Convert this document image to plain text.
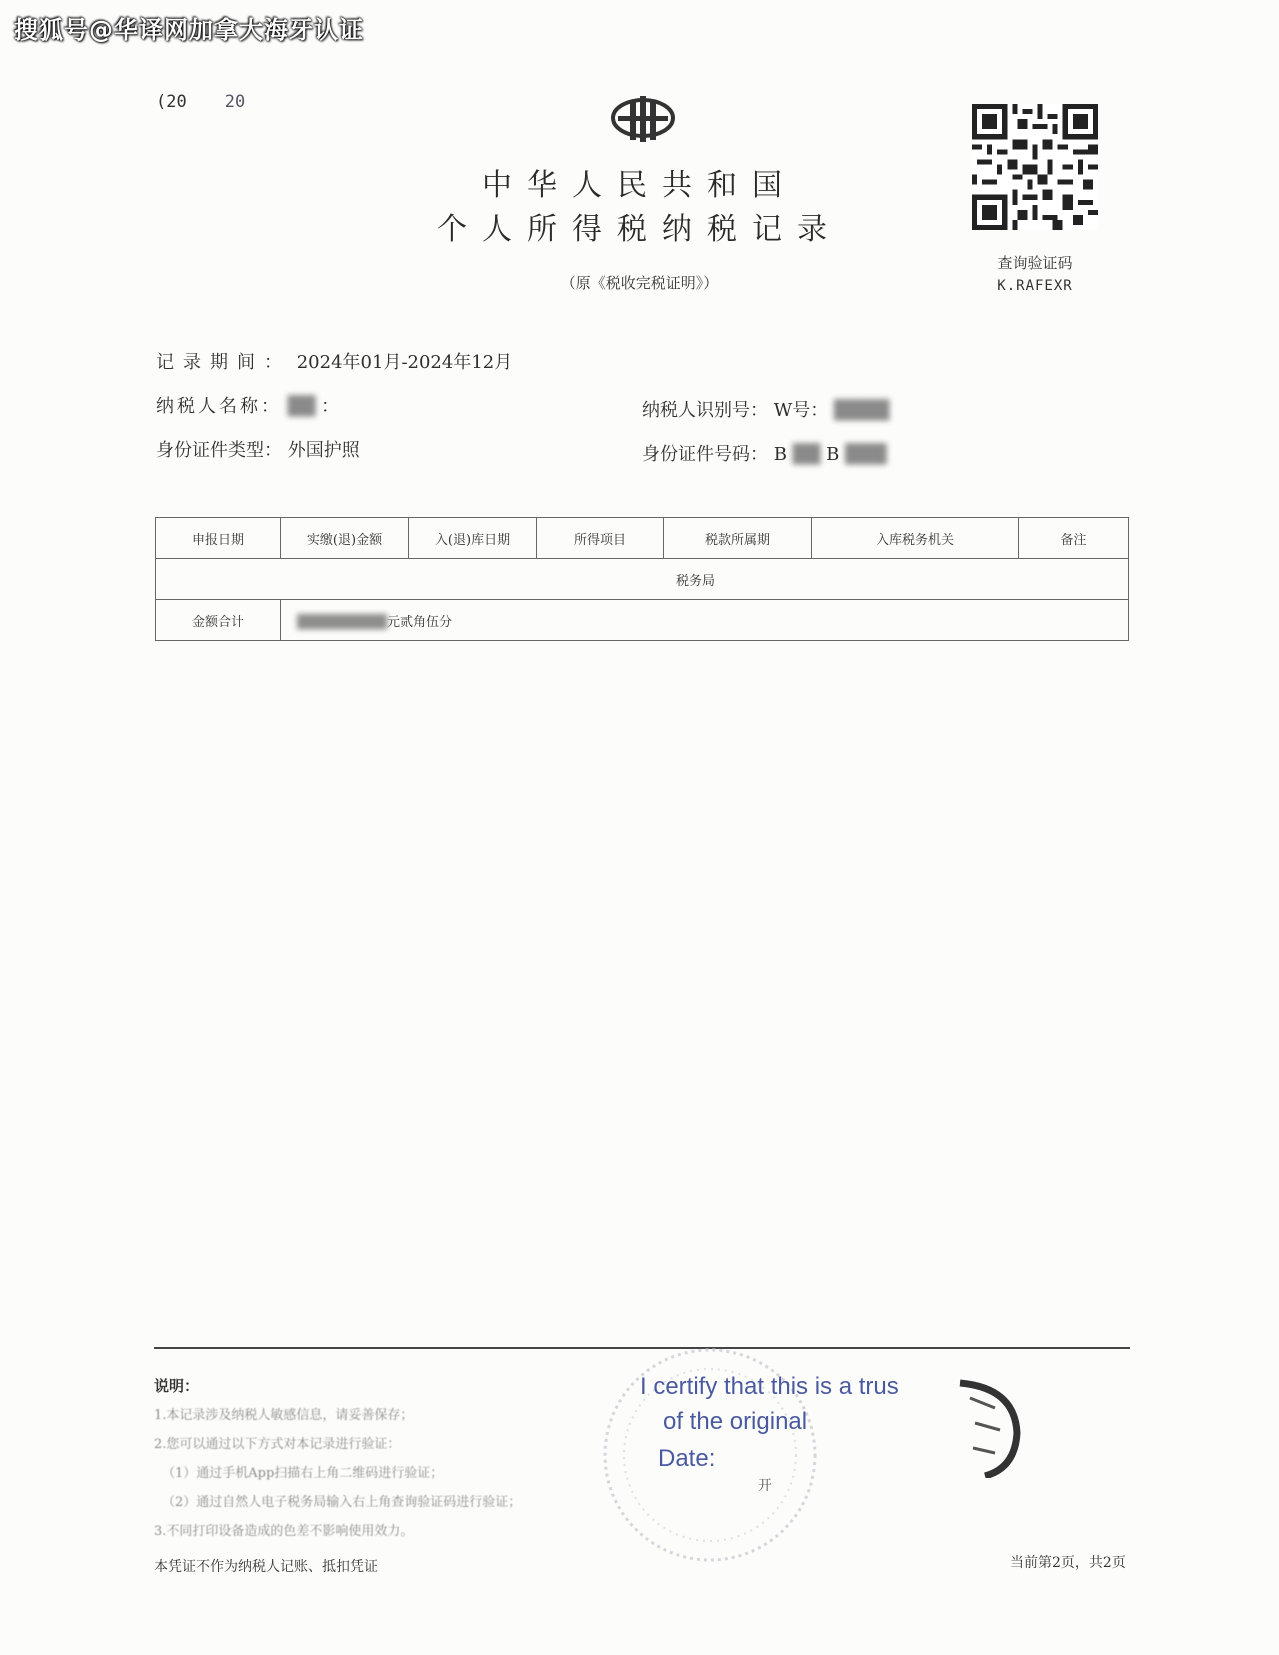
搜狐号@华译网加拿大海牙认证
(20 20
中华人民共和国
个人所得税纳税记录
（原《税收完税证明》）
查询验证码
K.RAFEXR
记录期间： 2024年01月-2024年12月
纳税人名称： ██ ：	纳税人识别号： W号： ████
身份证件类型： 外国护照	身份证件号码： B ██ B ███
申报日期	实缴(退)金额	入(退)库日期	所得项目	税款所属期	入库税务机关	备注
税务局						
金额合计	█████████元贰角伍分					
说明：
1.本记录涉及纳税人敏感信息，请妥善保存；
2.您可以通过以下方式对本记录进行验证：
（1）通过手机App扫描右上角二维码进行验证；
（2）通过自然人电子税务局输入右上角查询验证码进行验证；
3.不同打印设备造成的色差不影响使用效力。
I certify that this is a trus
of the original
Date:
开
本凭证不作为纳税人记账、抵扣凭证	当前第2页，共2页
